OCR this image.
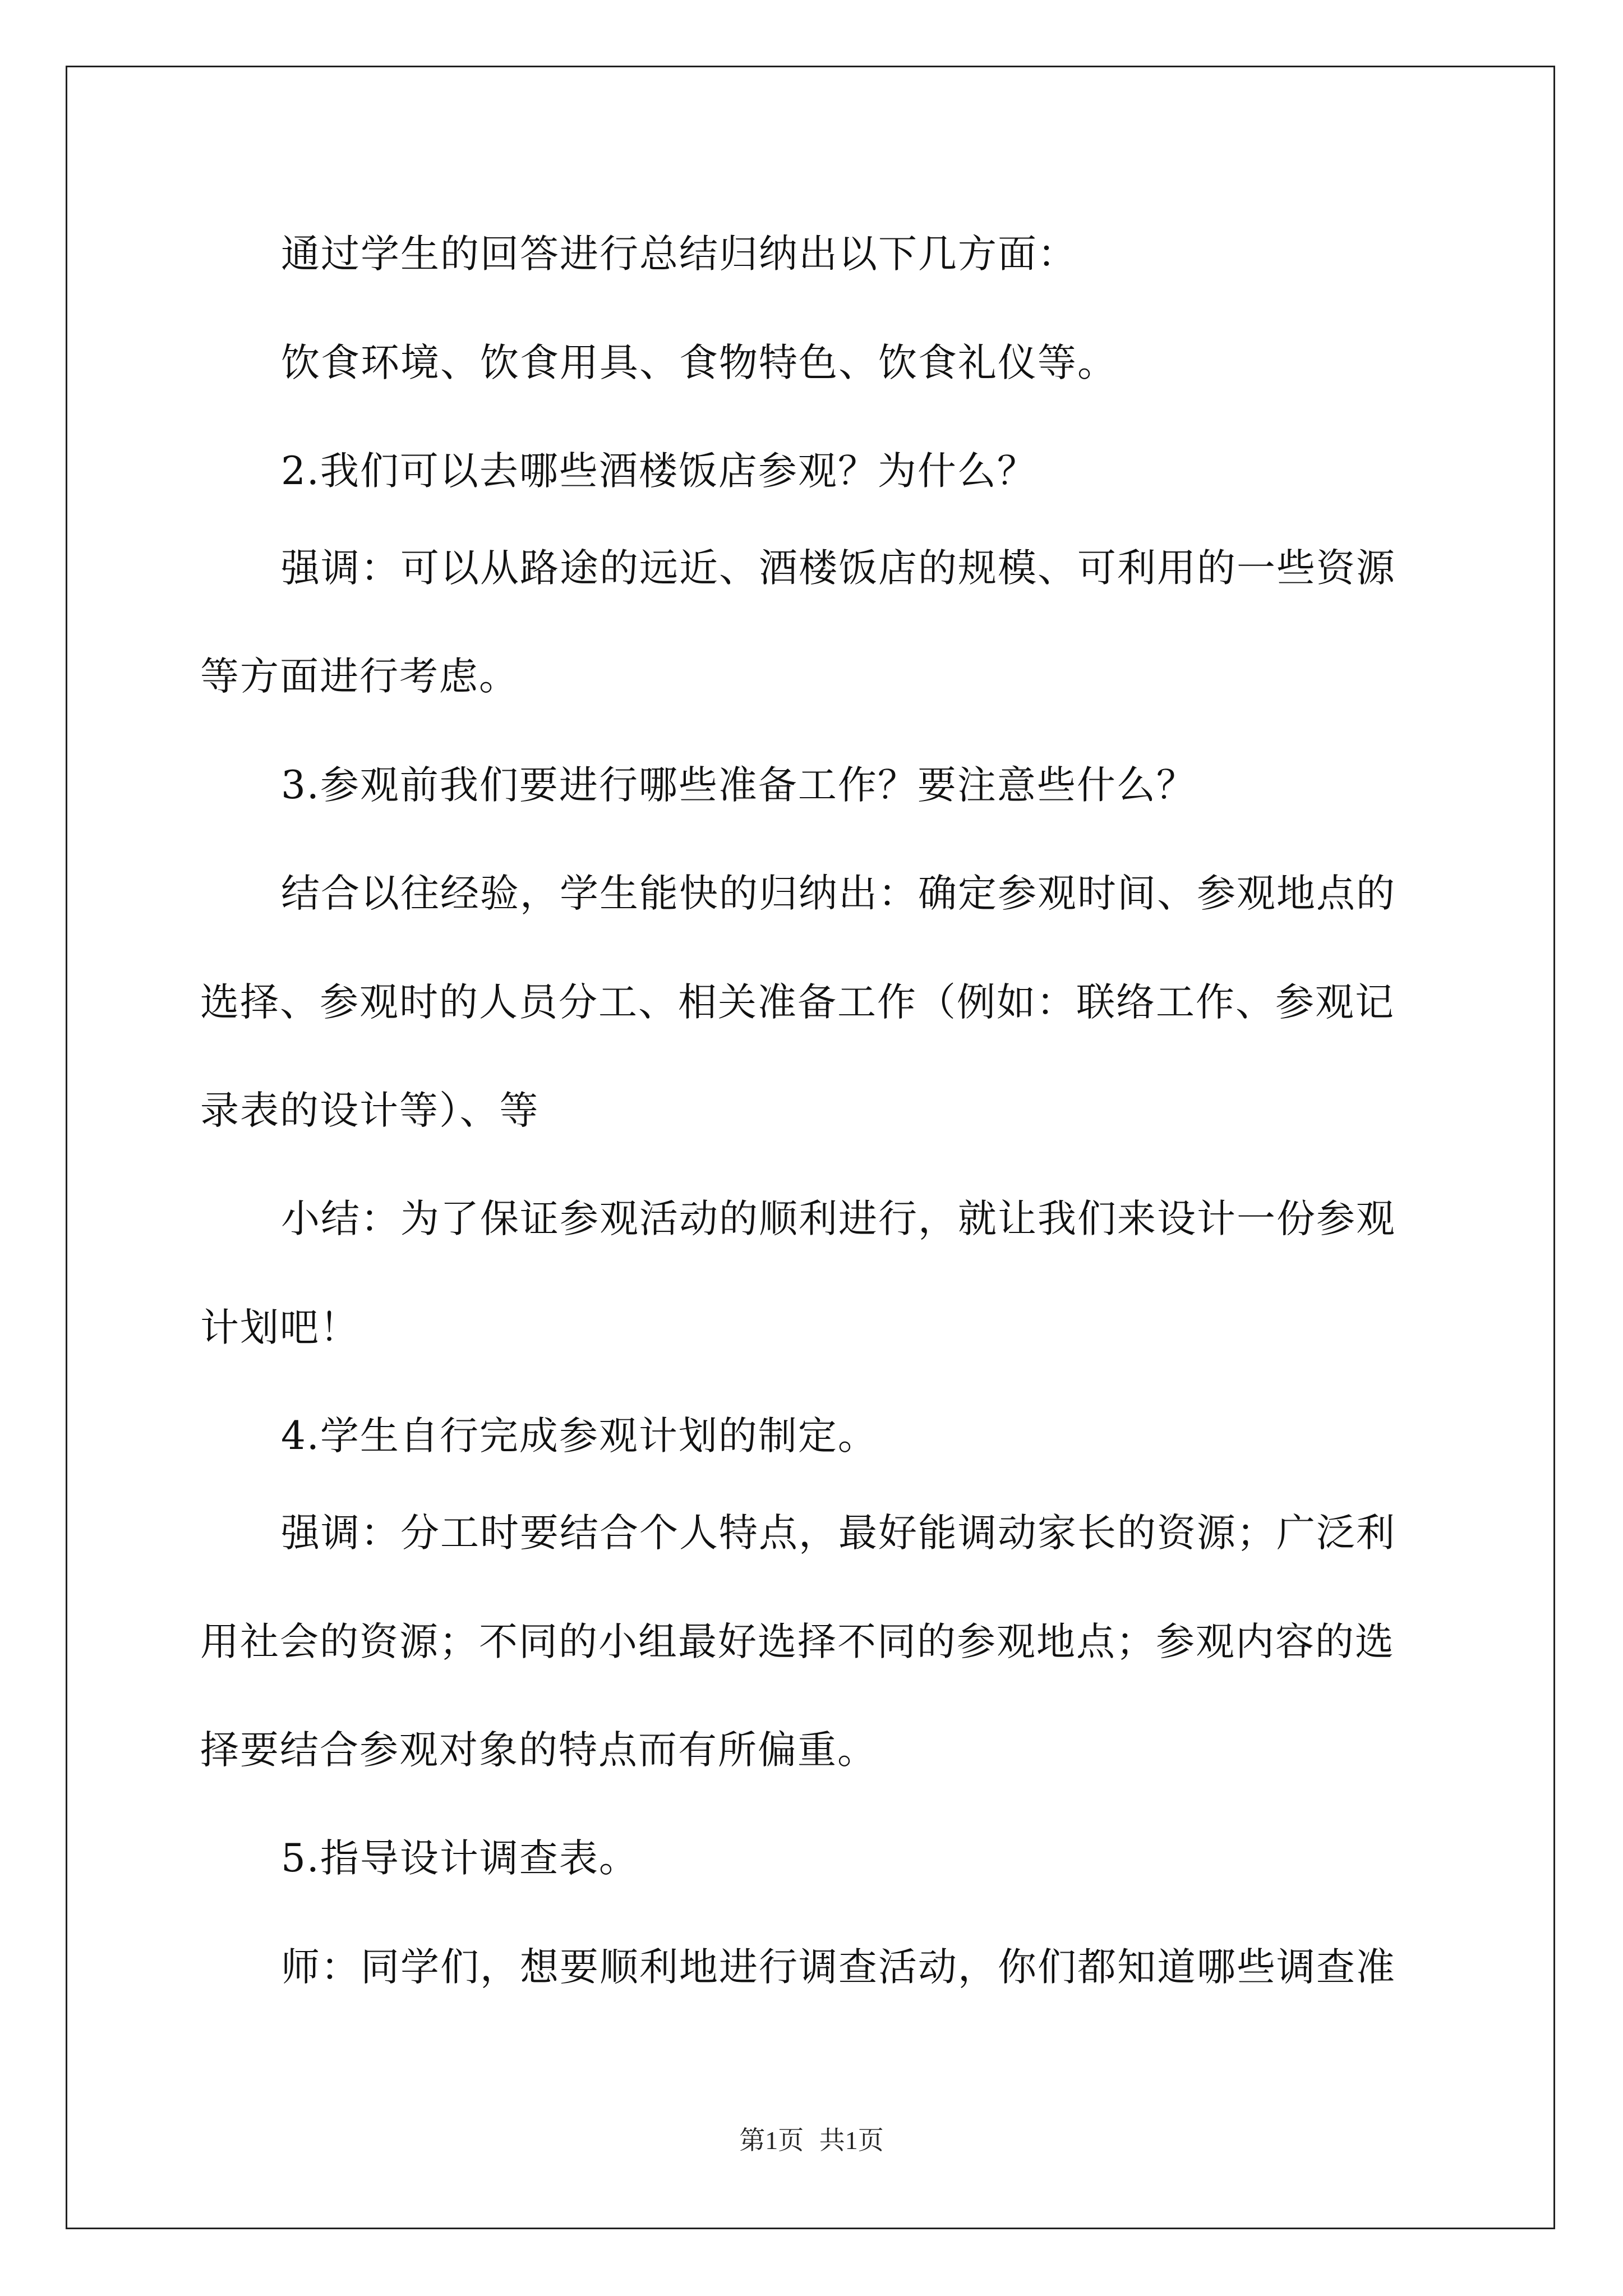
通过学生的回答进行总结归纳出以下几方面：
饮食环境、饮食用具、食物特色、饮食礼仪等。
2.我们可以去哪些酒楼饭店参观？为什么？
强调：可以从路途的远近、酒楼饭店的规模、可利用的一些资源
等方面进行考虑。
3.参观前我们要进行哪些准备工作？要注意些什么？
结合以往经验，学生能快的归纳出：确定参观时间、参观地点的
选择、参观时的人员分工、相关准备工作（例如：联络工作、参观记
录表的设计等）、等
小结：为了保证参观活动的顺利进行，就让我们来设计一份参观
计划吧！
4.学生自行完成参观计划的制定。
强调：分工时要结合个人特点，最好能调动家长的资源；广泛利
用社会的资源；不同的小组最好选择不同的参观地点；参观内容的选
择要结合参观对象的特点而有所偏重。
5.指导设计调查表。
师：同学们，想要顺利地进行调查活动，你们都知道哪些调查准
第1页 共1页
